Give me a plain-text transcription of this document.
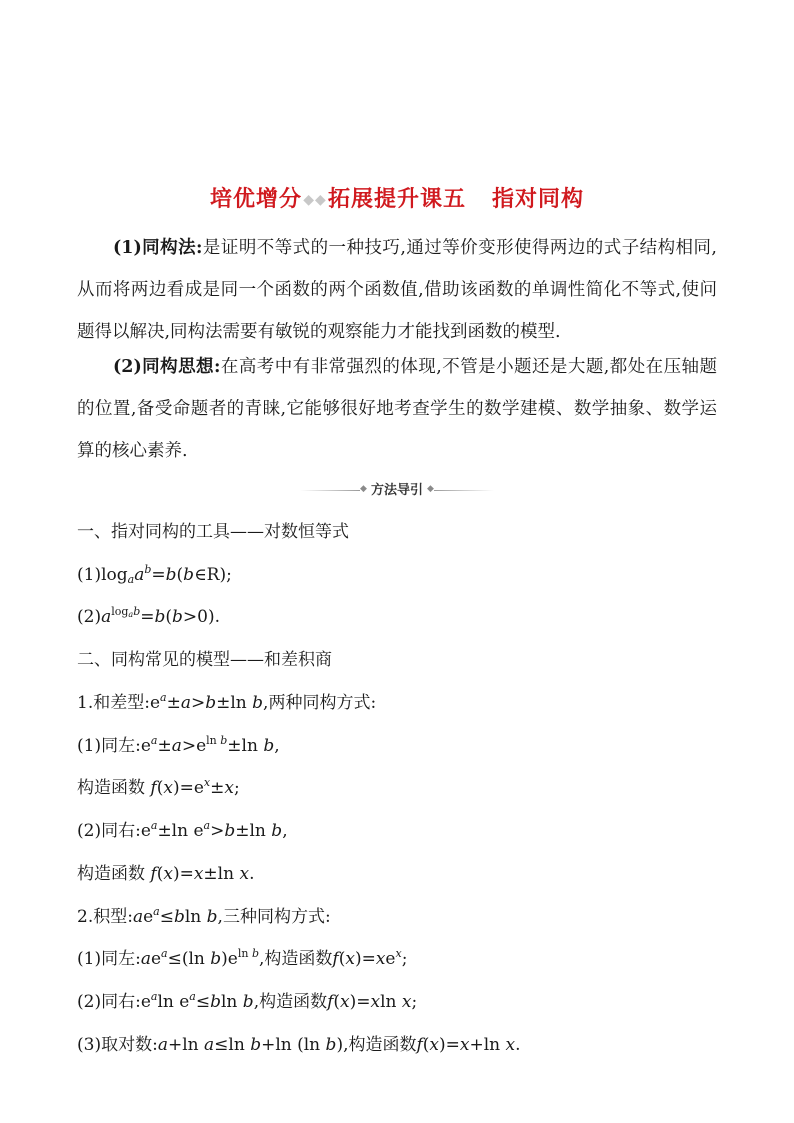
培优增分◆◆拓展提升课五 指对同构
(1)同构法:是证明不等式的一种技巧,通过等价变形使得两边的式子结构相同,从而将两边看成是同一个函数的两个函数值,借助该函数的单调性简化不等式,使问题得以解决,同构法需要有敏锐的观察能力才能找到函数的模型.
(2)同构思想:在高考中有非常强烈的体现,不管是小题还是大题,都处在压轴题的位置,备受命题者的青睐,它能够很好地考查学生的数学建模、数学抽象、数学运算的核心素养.
◆ 方法导引 ◆
一、指对同构的工具——对数恒等式
$(1)\log_aa^b=b(b\in R)$;
$(2)a^{log_ab}=b(b>0)$.
二、同构常见的模型——和差积商
1.和差型$:e^a\pm a>b\pm\ln$ b,两种同构方式:
(1)同左$:e^a\pm a>e^{ln b}\pm\ln$ b,
构造函数 $f(x)=e^x\pm x$;
(2)同右$:e^a\pm\ln$ $e^a>b\pm\ln$ b,
构造函数 f(x)=x±ln x.
2.积型$:ae^a\le bln$ b,三种同构方式:
(1)同左$:ae^a\le(\ln$ $b)e^{ln b}$,构造函数$f(x)=xe^x$;
(2)同右$:e^a\ln$ $e^a\le bln$ b,构造函数f(x)=xln x;
(3)取对数:a+ln a≤ln b+ln (ln b),构造函数f(x)=x+ln x.
